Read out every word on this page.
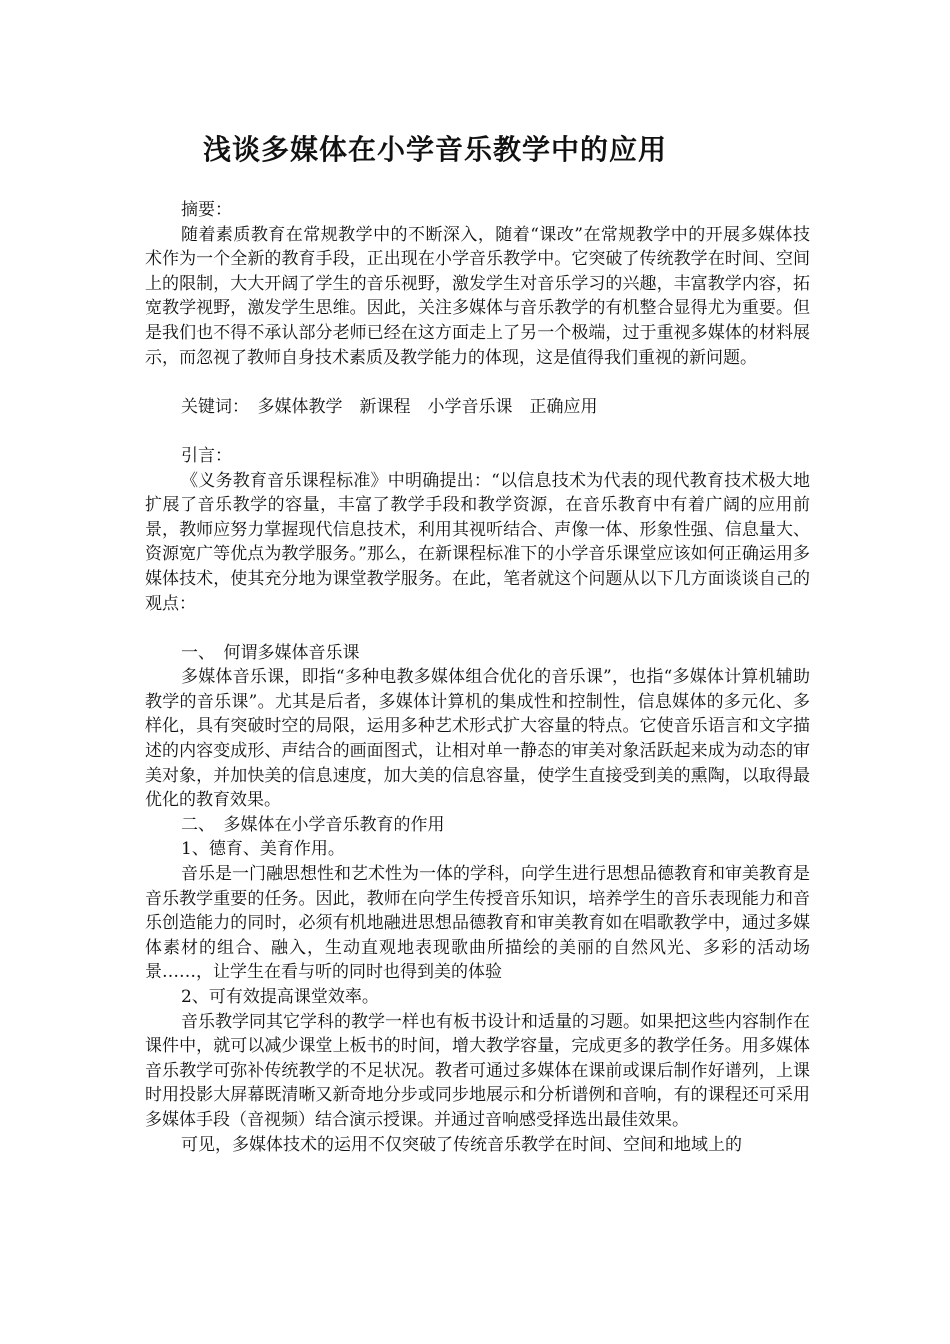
浅谈多媒体在小学音乐教学中的应用

摘要：

随着素质教育在常规教学中的不断深入，随着“课改”在常规教学中的开展多媒体技术作为一个全新的教育手段，正出现在小学音乐教学中。它突破了传统教学在时间、空间上的限制，大大开阔了学生的音乐视野，激发学生对音乐学习的兴趣，丰富教学内容，拓宽教学视野，激发学生思维。因此，关注多媒体与音乐教学的有机整合显得尤为重要。但是我们也不得不承认部分老师已经在这方面走上了另一个极端，过于重视多媒体的材料展示，而忽视了教师自身技术素质及教学能力的体现，这是值得我们重视的新问题。

关键词：　多媒体教学　新课程　小学音乐课　正确应用

引言：

《义务教育音乐课程标准》中明确提出：“以信息技术为代表的现代教育技术极大地扩展了音乐教学的容量，丰富了教学手段和教学资源，在音乐教育中有着广阔的应用前景，教师应努力掌握现代信息技术，利用其视听结合、声像一体、形象性强、信息量大、资源宽广等优点为教学服务。”那么，在新课程标准下的小学音乐课堂应该如何正确运用多媒体技术，使其充分地为课堂教学服务。在此，笔者就这个问题从以下几方面谈谈自己的观点：

一、　何谓多媒体音乐课

多媒体音乐课，即指“多种电教多媒体组合优化的音乐课”，也指“多媒体计算机辅助教学的音乐课”。尤其是后者，多媒体计算机的集成性和控制性，信息媒体的多元化、多样化，具有突破时空的局限，运用多种艺术形式扩大容量的特点。它使音乐语言和文字描述的内容变成形、声结合的画面图式，让相对单一静态的审美对象活跃起来成为动态的审美对象，并加快美的信息速度，加大美的信息容量，使学生直接受到美的熏陶，以取得最优化的教育效果。

二、　多媒体在小学音乐教育的作用

1、德育、美育作用。

音乐是一门融思想性和艺术性为一体的学科，向学生进行思想品德教育和审美教育是音乐教学重要的任务。因此，教师在向学生传授音乐知识，培养学生的音乐表现能力和音乐创造能力的同时，必须有机地融进思想品德教育和审美教育如在唱歌教学中，通过多媒体素材的组合、融入，生动直观地表现歌曲所描绘的美丽的自然风光、多彩的活动场景……，让学生在看与听的同时也得到美的体验

2、可有效提高课堂效率。

音乐教学同其它学科的教学一样也有板书设计和适量的习题。如果把这些内容制作在课件中，就可以减少课堂上板书的时间，增大教学容量，完成更多的教学任务。用多媒体音乐教学可弥补传统教学的不足状况。教者可通过多媒体在课前或课后制作好谱列，上课时用投影大屏幕既清晰又新奇地分步或同步地展示和分析谱例和音响，有的课程还可采用多媒体手段（音视频）结合演示授课。并通过音响感受择选出最佳效果。

可见，多媒体技术的运用不仅突破了传统音乐教学在时间、空间和地域上的
